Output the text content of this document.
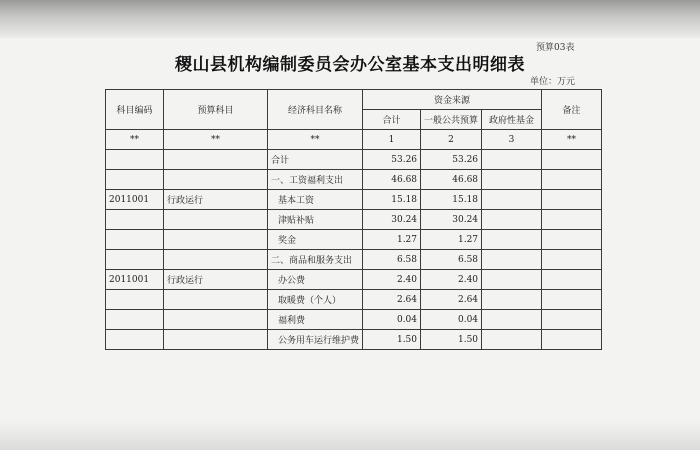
预算03表
稷山县机构编制委员会办公室基本支出明细表
单位：万元
科目编码	预算科目	经济科目名称	资金来源			备注
			合计	一般公共预算	政府性基金	
**	**	**	1	2	3	**
		合计	53.26	53.26		
		一、工资福利支出	46.68	46.68		
2011001	行政运行	基本工资	15.18	15.18		
		津贴补贴	30.24	30.24		
		奖金	1.27	1.27		
		二、商品和服务支出	6.58	6.58		
2011001	行政运行	办公费	2.40	2.40		
		取暖费（个人）	2.64	2.64		
		福利费	0.04	0.04		
		公务用车运行维护费	1.50	1.50		
